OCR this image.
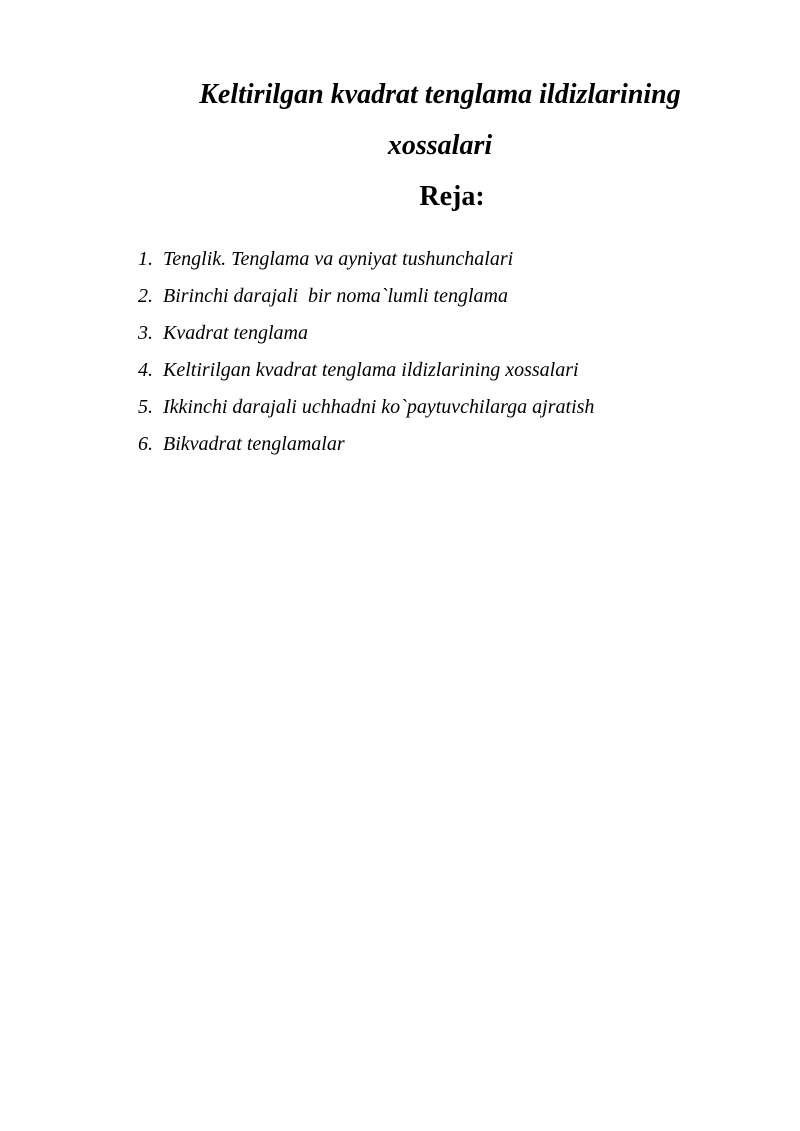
Keltirilgan kvadrat tenglama ildizlarining
xossalari
Reja:
1. Tenglik. Tenglama va ayniyat tushunchalari
2. Birinchi darajali  bir noma`lumli tenglama
3. Kvadrat tenglama
4. Keltirilgan kvadrat tenglama ildizlarining xossalari
5. Ikkinchi darajali uchhadni ko`paytuvchilarga ajratish
6. Bikvadrat tenglamalar
